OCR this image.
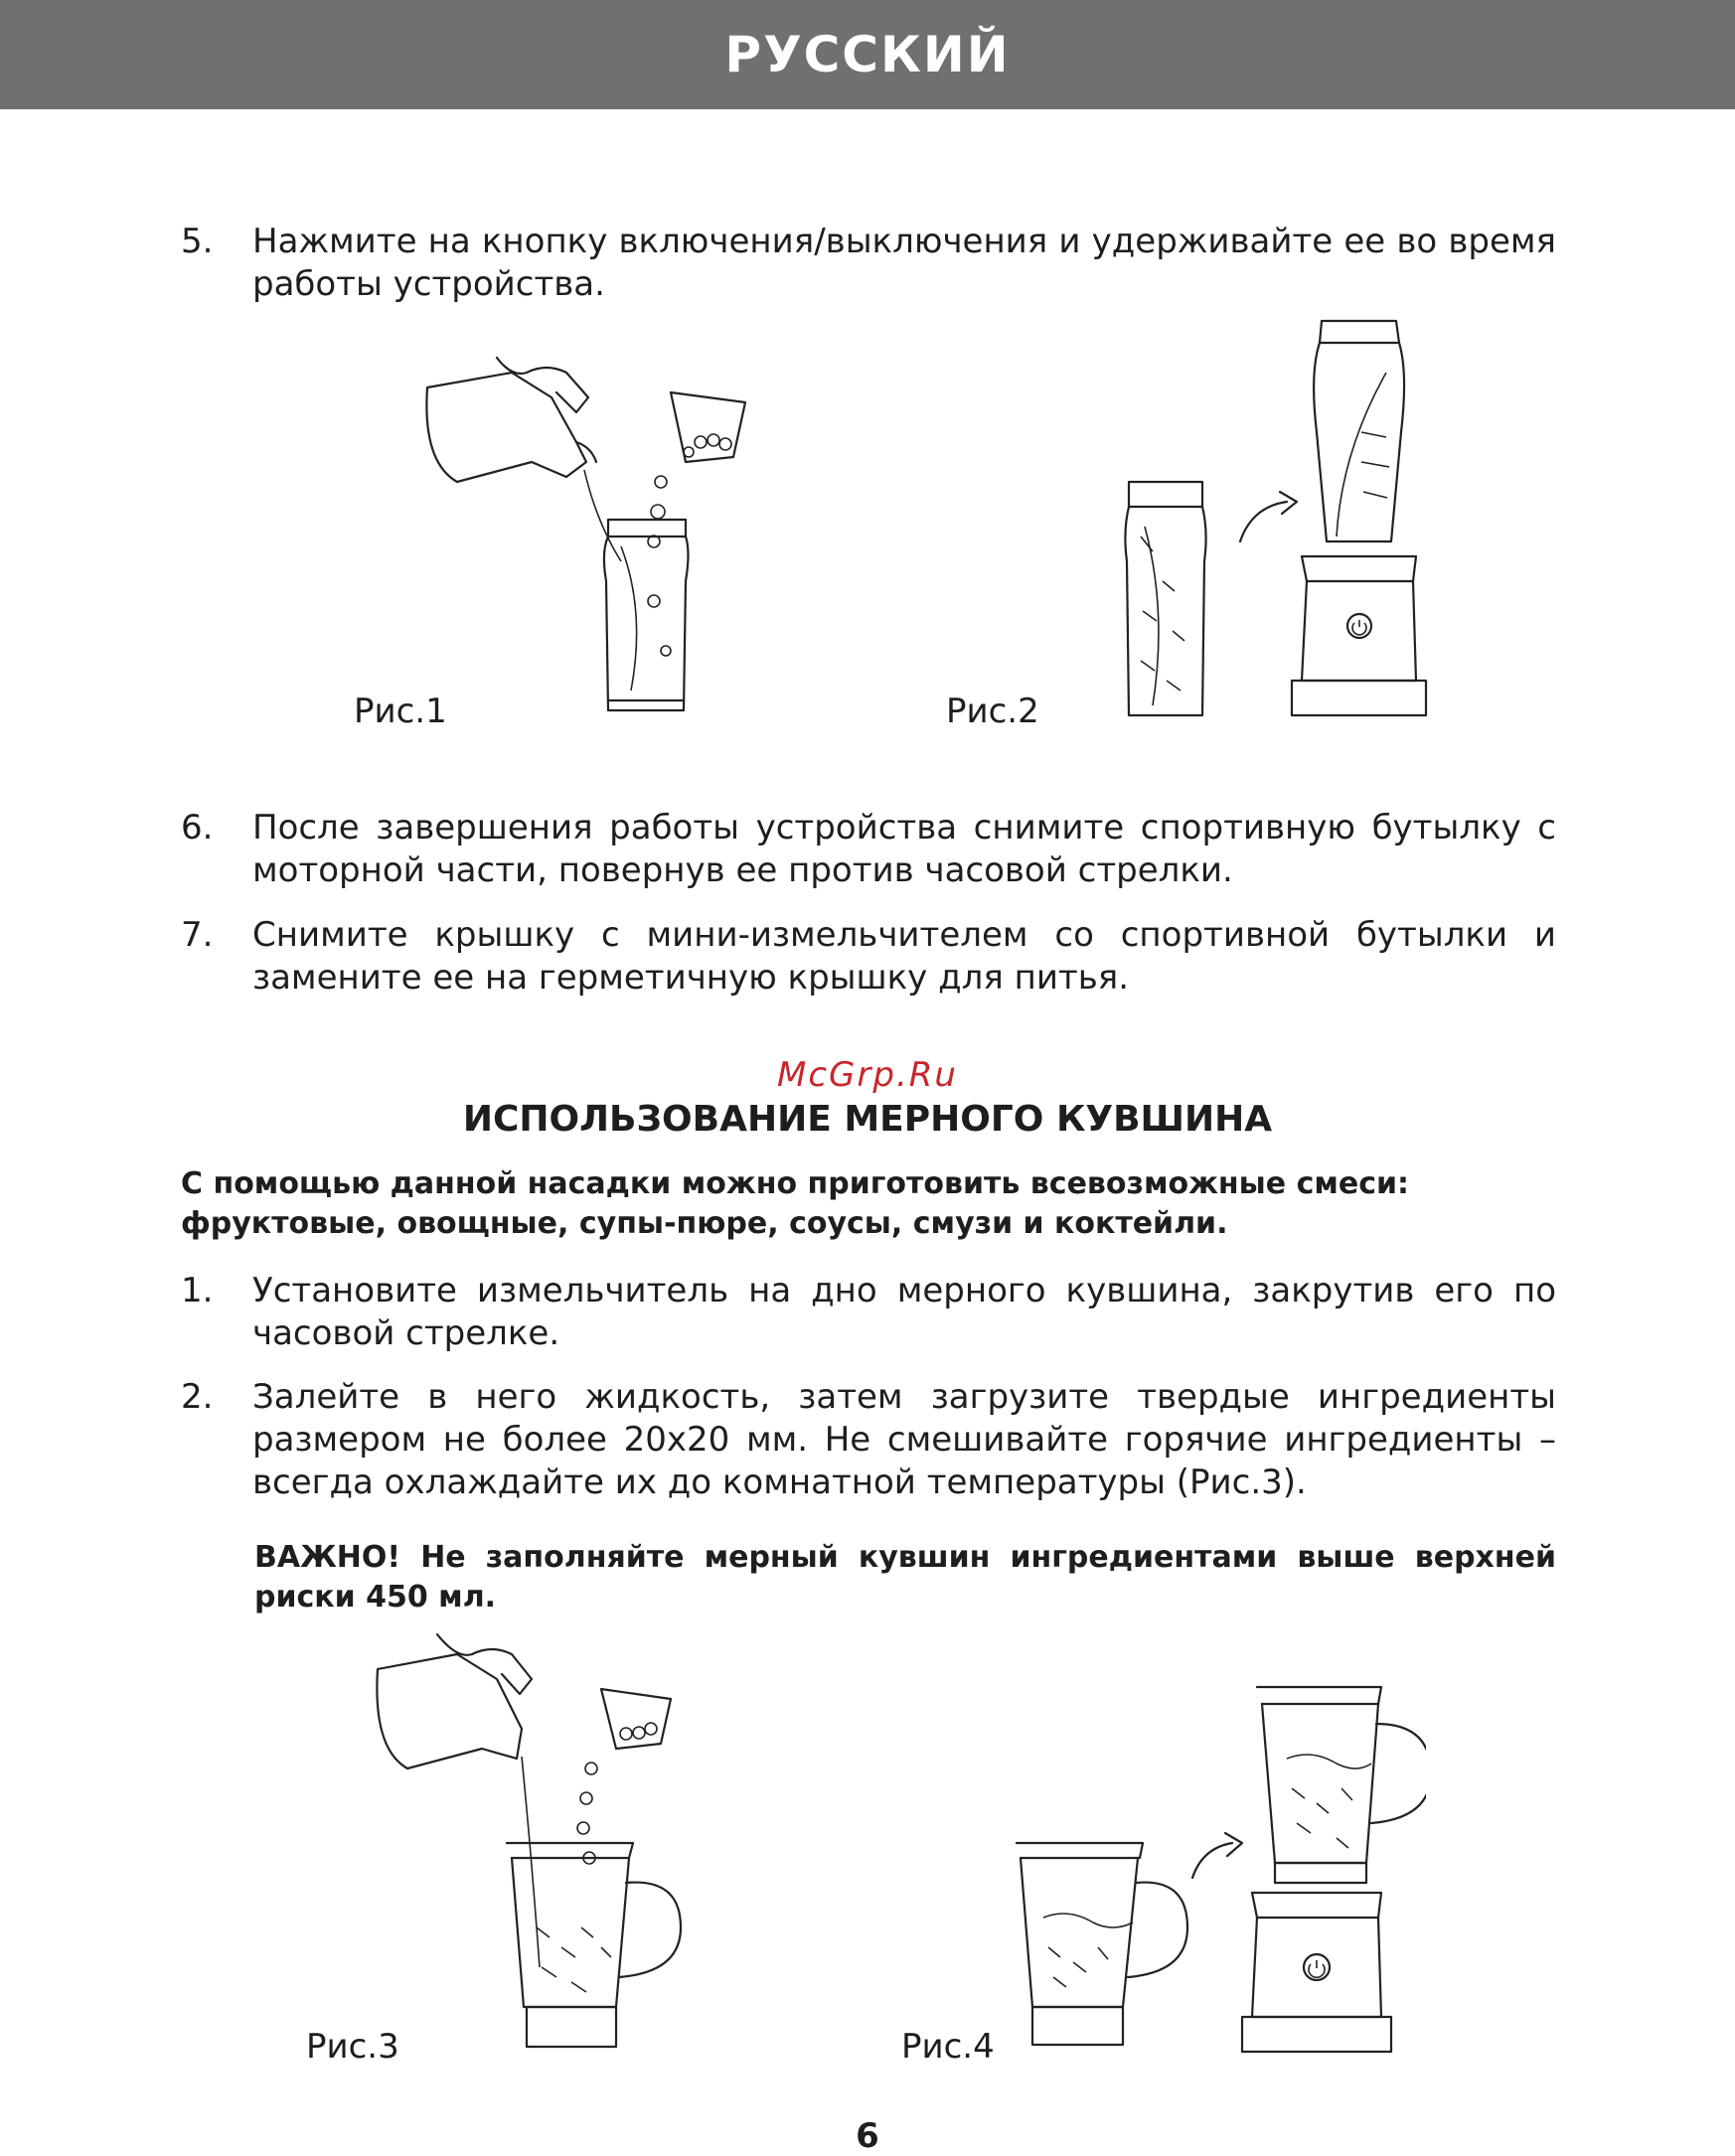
РУССКИЙ
5. Нажмите на кнопку включения/выключения и удерживайте ее во время работы устройства.
Рис.1	Рис.2
6. После завершения работы устройства снимите спортивную бутылку с моторной части, повернув ее против часовой стрелки.
7. Снимите крышку с мини-измельчителем со спортивной бутылки и замените ее на герметичную крышку для питья.
McGrp.Ru
ИСПОЛЬЗОВАНИЕ МЕРНОГО КУВШИНА
С помощью данной насадки можно приготовить всевозможные смеси: фруктовые, овощные, супы-пюре, соусы, смузи и коктейли.
1. Установите измельчитель на дно мерного кувшина, закрутив его по часовой стрелке.
2. Залейте в него жидкость, затем загрузите твердые ингредиенты размером не более 20х20 мм. Не смешивайте горячие ингредиенты – всегда охлаждайте их до комнатной температуры (Рис.3).
ВАЖНО! Не заполняйте мерный кувшин ингредиентами выше верхней риски 450 мл.
Рис.3	Рис.4
6
